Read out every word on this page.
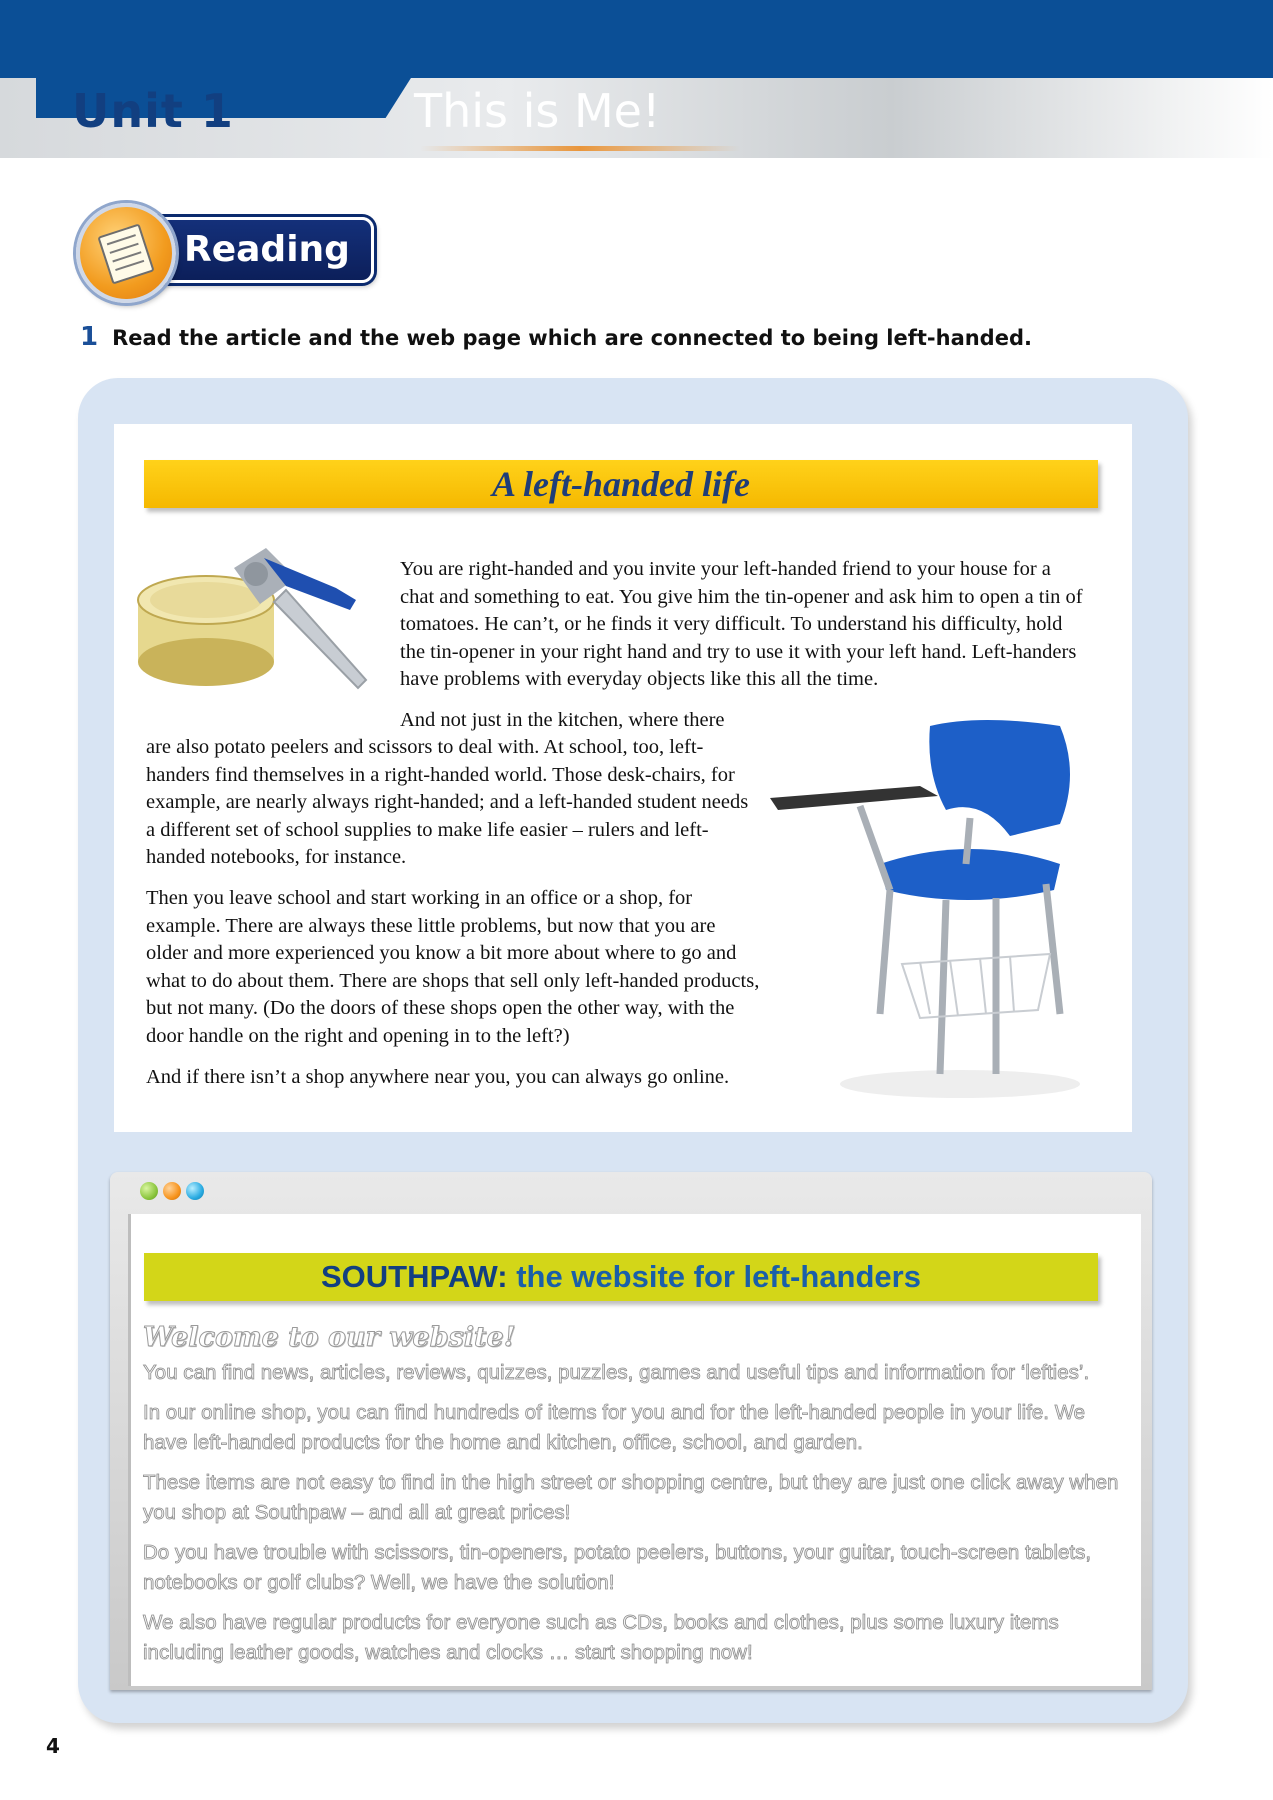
Unit 1	This is Me!
Reading
1 Read the article and the web page which are connected to being left-handed.
A left-handed life
You are right-handed and you invite your left-handed friend to your house for a chat and something to eat. You give him the tin-opener and ask him to open a tin of tomatoes. He can’t, or he finds it very difficult. To understand his difficulty, hold the tin-opener in your right hand and try to use it with your left hand. Left-handers have problems with everyday objects like this all the time.
And not just in the kitchen, where there
are also potato peelers and scissors to deal with. At school, too, left-handers find themselves in a right-handed world. Those desk-chairs, for example, are nearly always right-handed; and a left-handed student needs a different set of school supplies to make life easier – rulers and left-handed notebooks, for instance.
Then you leave school and start working in an office or a shop, for example. There are always these little problems, but now that you are older and more experienced you know a bit more about where to go and what to do about them. There are shops that sell only left-handed products, but not many. (Do the doors of these shops open the other way, with the door handle on the right and opening in to the left?)
And if there isn’t a shop anywhere near you, you can always go online.
SOUTHPAW: the website for left-handers
Welcome to our website!
You can find news, articles, reviews, quizzes, puzzles, games and useful tips and information for ‘lefties’.
In our online shop, you can find hundreds of items for you and for the left-handed people in your life. We have left-handed products for the home and kitchen, office, school, and garden.
These items are not easy to find in the high street or shopping centre, but they are just one click away when you shop at Southpaw – and all at great prices!
Do you have trouble with scissors, tin-openers, potato peelers, buttons, your guitar, touch-screen tablets, notebooks or golf clubs? Well, we have the solution!
We also have regular products for everyone such as CDs, books and clothes, plus some luxury items including leather goods, watches and clocks … start shopping now!
4
